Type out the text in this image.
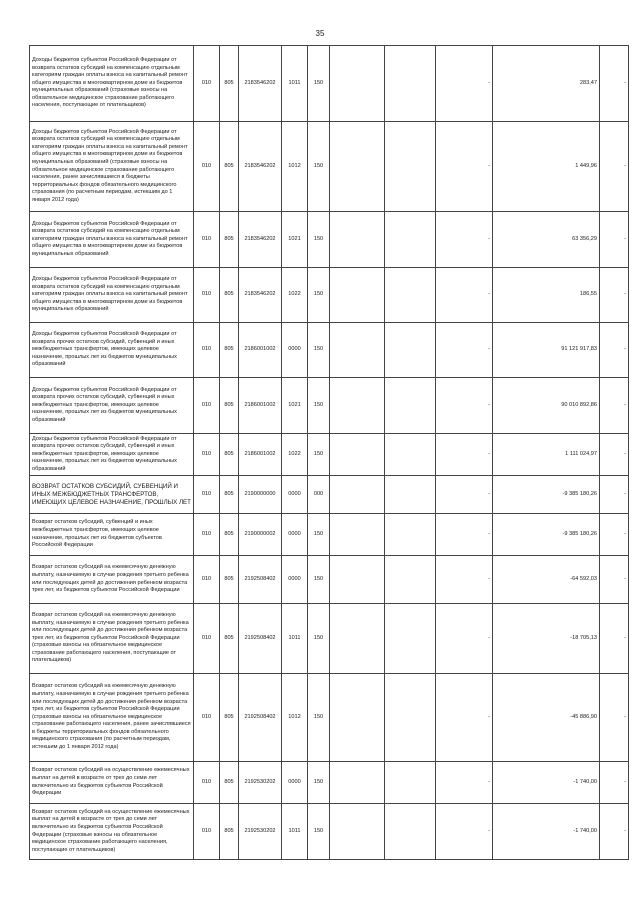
35
Доходы бюджетов субъектов Российской Федерации от возврата остатков субсидий на компенсацию отдельным категориям граждан оплаты взноса на капитальный ремонт общего имущества в многоквартирном доме из бюджетов муниципальных образований (страховые взносы на обязательное медицинское страхование работающего населения, поступающие от плательщиков)	010	805	2183546202	1011	150			-	283,47	-
Доходы бюджетов субъектов Российской Федерации от возврата остатков субсидий на компенсацию отдельным категориям граждан оплаты взноса на капитальный ремонт общего имущества в многоквартирном доме из бюджетов муниципальных образований (страховые взносы на обязательное медицинское страхование работающего населения, ранее зачислявшиеся в бюджеты территориальных фондов обязательного медицинского страхования (по расчетным периодам, истекшим до 1 января 2012 года)	010	805	2183546202	1012	150			-	1 449,96	-
Доходы бюджетов субъектов Российской Федерации от возврата остатков субсидий на компенсацию отдельным категориям граждан оплаты взноса на капитальный ремонт общего имущества в многоквартирном доме из бюджетов муниципальных образований	010	805	2183546202	1021	150			-	63 356,29	-
Доходы бюджетов субъектов Российской Федерации от возврата остатков субсидий на компенсацию отдельным категориям граждан оплаты взноса на капитальный ремонт общего имущества в многоквартирном доме из бюджетов муниципальных образований	010	805	2183546202	1022	150			-	186,55	-
Доходы бюджетов субъектов Российской Федерации от возврата прочих остатков субсидий, субвенций и иных межбюджетных трансфертов, имеющих целевое назначение, прошлых лет из бюджетов муниципальных образований	010	805	2186001002	0000	150			-	91 121 917,83	-
Доходы бюджетов субъектов Российской Федерации от возврата прочих остатков субсидий, субвенций и иных межбюджетных трансфертов, имеющих целевое назначение, прошлых лет из бюджетов муниципальных образований	010	805	2186001002	1021	150			-	90 010 892,86	-
Доходы бюджетов субъектов Российской Федерации от возврата прочих остатков субсидий, субвенций и иных межбюджетных трансфертов, имеющих целевое назначение, прошлых лет из бюджетов муниципальных образований	010	805	2186001002	1022	150			-	1 111 024,97	-
ВОЗВРАТ ОСТАТКОВ СУБСИДИЙ, СУБВЕНЦИЙ И ИНЫХ МЕЖБЮДЖЕТНЫХ ТРАНСФЕРТОВ, ИМЕЮЩИХ ЦЕЛЕВОЕ НАЗНАЧЕНИЕ, ПРОШЛЫХ ЛЕТ	010	805	2190000000	0000	000			-	-9 385 180,26	-
Возврат остатков субсидий, субвенций и иных межбюджетных трансфертов, имеющих целевое назначение, прошлых лет из бюджетов субъектов Российской Федерации	010	805	2190000002	0000	150			-	-9 385 180,26	-
Возврат остатков субсидий на ежемесячную денежную выплату, назначаемую в случае рождения третьего ребенка или последующих детей до достижения ребенком возраста трех лет, из бюджетов субъектов Российской Федерации	010	805	2192508402	0000	150			-	-64 592,03	-
Возврат остатков субсидий на ежемесячную денежную выплату, назначаемую в случае рождения третьего ребенка или последующих детей до достижения ребенком возраста трех лет, из бюджетов субъектов Российской Федерации (страховые взносы на обязательное медицинское страхование работающего населения, поступающие от плательщиков)	010	805	2192508402	1011	150			-	-18 705,13	-
Возврат остатков субсидий на ежемесячную денежную выплату, назначаемую в случае рождения третьего ребенка или последующих детей до достижения ребенком возраста трех лет, из бюджетов субъектов Российской Федерации (страховые взносы на обязательное медицинское страхование работающего населения, ранее зачислявшиеся в бюджеты территориальных фондов обязательного медицинского страхования (по расчетным периодам, истекшим до 1 января 2012 года)	010	805	2192508402	1012	150			-	-45 886,90	-
Возврат остатков субсидий на осуществление ежемесячных выплат на детей в возрасте от трех до семи лет включительно из бюджетов субъектов Российской Федерации	010	805	2192530202	0000	150			-	-1 740,00	-
Возврат остатков субсидий на осуществление ежемесячных выплат на детей в возрасте от трех до семи лет включительно из бюджетов субъектов Российской Федерации (страховые взносы на обязательное медицинское страхование работающего населения, поступающие от плательщиков)	010	805	2192530202	1011	150			-	-1 740,00	-
